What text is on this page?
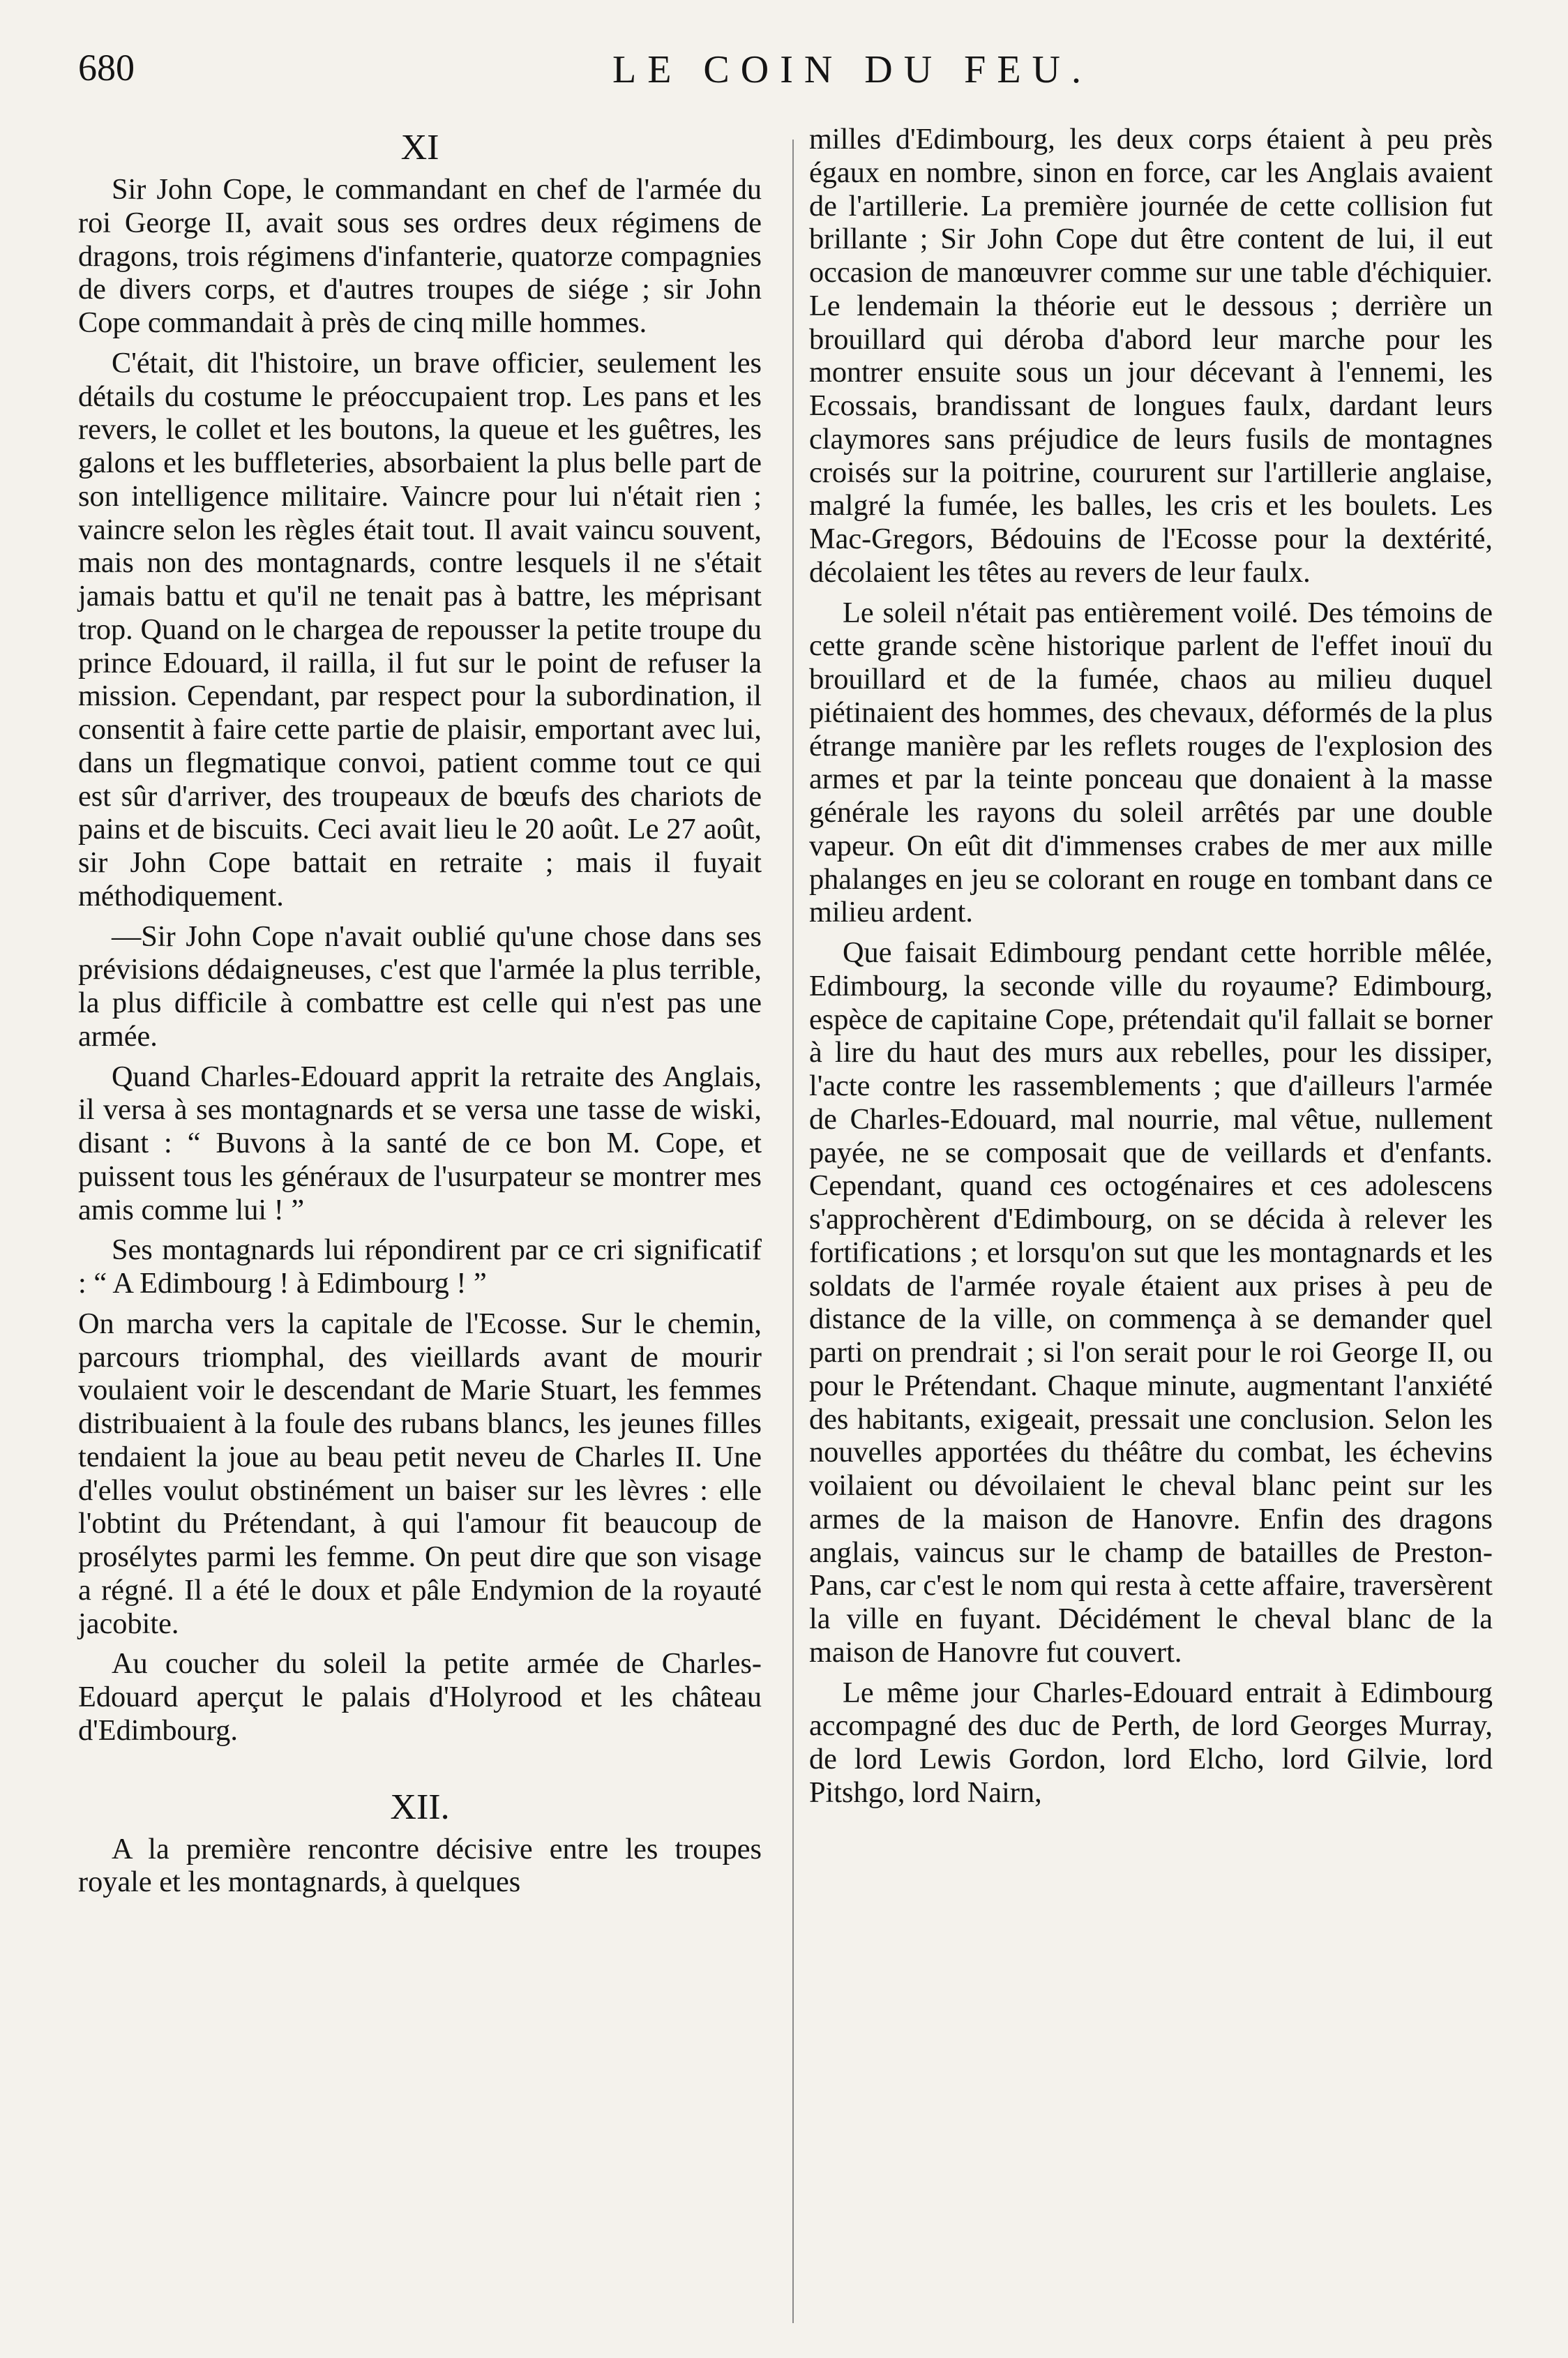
680	LE COIN DU FEU.
XI

Sir John Cope, le commandant en chef de l'armée du roi George II, avait sous ses ordres deux régimens de dragons, trois régimens d'infanterie, quatorze compagnies de divers corps, et d'autres troupes de siége ; sir John Cope commandait à près de cinq mille hommes.

C'était, dit l'histoire, un brave officier, seulement les détails du costume le préoccupaient trop. Les pans et les revers, le collet et les boutons, la queue et les guêtres, les galons et les buffleteries, absorbaient la plus belle part de son intelligence militaire. Vaincre pour lui n'était rien ; vaincre selon les règles était tout. Il avait vaincu souvent, mais non des montagnards, contre lesquels il ne s'était jamais battu et qu'il ne tenait pas à battre, les méprisant trop. Quand on le chargea de repousser la petite troupe du prince Edouard, il railla, il fut sur le point de refuser la mission. Cependant, par respect pour la subordination, il consentit à faire cette partie de plaisir, emportant avec lui, dans un flegmatique convoi, patient comme tout ce qui est sûr d'arriver, des troupeaux de bœufs des chariots de pains et de biscuits. Ceci avait lieu le 20 août. Le 27 août, sir John Cope battait en retraite ; mais il fuyait méthodiquement.

—Sir John Cope n'avait oublié qu'une chose dans ses prévisions dédaigneuses, c'est que l'armée la plus terrible, la plus difficile à combattre est celle qui n'est pas une armée.

Quand Charles-Edouard apprit la retraite des Anglais, il versa à ses montagnards et se versa une tasse de wiski, disant : “ Buvons à la santé de ce bon M. Cope, et puissent tous les généraux de l'usurpateur se montrer mes amis comme lui ! ”

Ses montagnards lui répondirent par ce cri significatif : “ A Edimbourg ! à Edimbourg ! ”

On marcha vers la capitale de l'Ecosse. Sur le chemin, parcours triomphal, des vieillards avant de mourir voulaient voir le descendant de Marie Stuart, les femmes distribuaient à la foule des rubans blancs, les jeunes filles tendaient la joue au beau petit neveu de Charles II. Une d'elles voulut obstinément un baiser sur les lèvres : elle l'obtint du Prétendant, à qui l'amour fit beaucoup de prosélytes parmi les femme. On peut dire que son visage a régné. Il a été le doux et pâle Endymion de la royauté jacobite.

Au coucher du soleil la petite armée de Charles-Edouard aperçut le palais d'Holyrood et les château d'Edimbourg.

XII.

A la première rencontre décisive entre les troupes royale et les montagnards, à quelques

milles d'Edimbourg, les deux corps étaient à peu près égaux en nombre, sinon en force, car les Anglais avaient de l'artillerie. La première journée de cette collision fut brillante ; Sir John Cope dut être content de lui, il eut occasion de manœuvrer comme sur une table d'échiquier. Le lendemain la théorie eut le dessous ; derrière un brouillard qui déroba d'abord leur marche pour les montrer ensuite sous un jour décevant à l'ennemi, les Ecossais, brandissant de longues faulx, dardant leurs claymores sans préjudice de leurs fusils de montagnes croisés sur la poitrine, coururent sur l'artillerie anglaise, malgré la fumée, les balles, les cris et les boulets. Les Mac-Gregors, Bédouins de l'Ecosse pour la dextérité, décolaient les têtes au revers de leur faulx.

Le soleil n'était pas entièrement voilé. Des témoins de cette grande scène historique parlent de l'effet inouï du brouillard et de la fumée, chaos au milieu duquel piétinaient des hommes, des chevaux, déformés de la plus étrange manière par les reflets rouges de l'explosion des armes et par la teinte ponceau que donaient à la masse générale les rayons du soleil arrêtés par une double vapeur. On eût dit d'immenses crabes de mer aux mille phalanges en jeu se colorant en rouge en tombant dans ce milieu ardent.

Que faisait Edimbourg pendant cette horrible mêlée, Edimbourg, la seconde ville du royaume? Edimbourg, espèce de capitaine Cope, prétendait qu'il fallait se borner à lire du haut des murs aux rebelles, pour les dissiper, l'acte contre les rassemblements ; que d'ailleurs l'armée de Charles-Edouard, mal nourrie, mal vêtue, nullement payée, ne se composait que de veillards et d'enfants. Cependant, quand ces octogénaires et ces adolescens s'approchèrent d'Edimbourg, on se décida à relever les fortifications ; et lorsqu'on sut que les montagnards et les soldats de l'armée royale étaient aux prises à peu de distance de la ville, on commença à se demander quel parti on prendrait ; si l'on serait pour le roi George II, ou pour le Prétendant. Chaque minute, augmentant l'anxiété des habitants, exigeait, pressait une conclusion. Selon les nouvelles apportées du théâtre du combat, les échevins voilaient ou dévoilaient le cheval blanc peint sur les armes de la maison de Hanovre. Enfin des dragons anglais, vaincus sur le champ de batailles de Preston-Pans, car c'est le nom qui resta à cette affaire, traversèrent la ville en fuyant. Décidément le cheval blanc de la maison de Hanovre fut couvert.

Le même jour Charles-Edouard entrait à Edimbourg accompagné des duc de Perth, de lord Georges Murray, de lord Lewis Gordon, lord Elcho, lord Gilvie, lord Pitshgo, lord Nairn,
